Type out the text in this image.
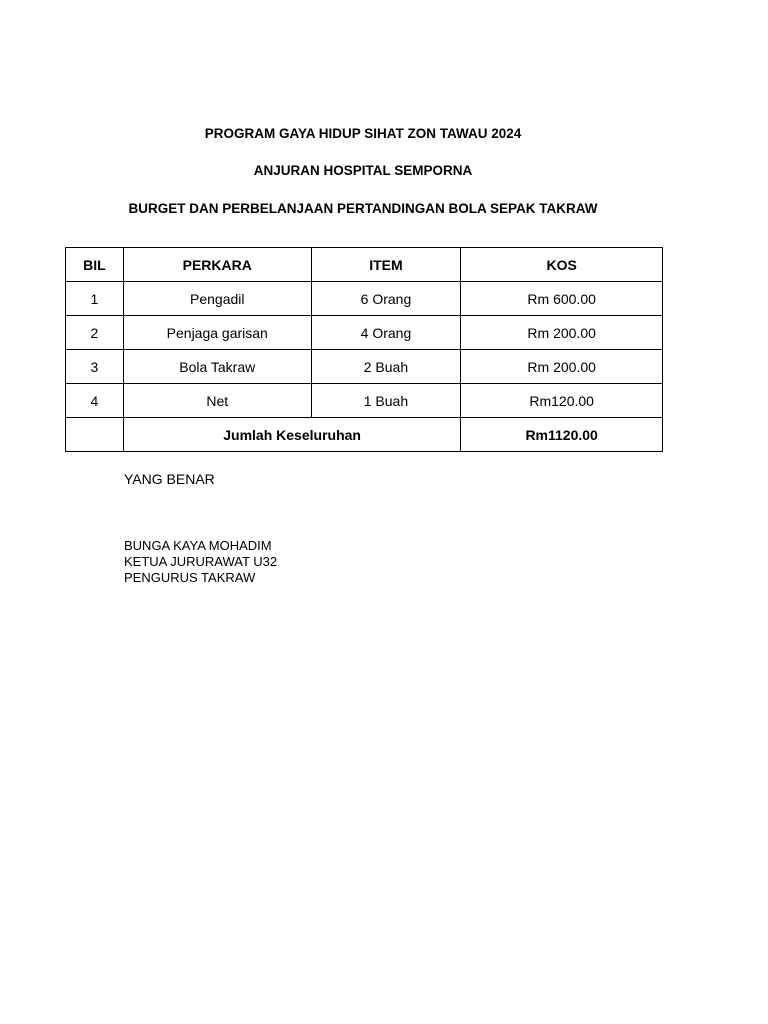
PROGRAM GAYA HIDUP SIHAT ZON TAWAU 2024

ANJURAN HOSPITAL SEMPORNA

BURGET DAN PERBELANJAAN PERTANDINGAN BOLA SEPAK TAKRAW

BIL	PERKARA	ITEM	KOS
1	Pengadil	6 Orang	Rm 600.00
2	Penjaga garisan	4 Orang	Rm 200.00
3	Bola Takraw	2 Buah	Rm 200.00
4	Net	1 Buah	Rm120.00
	Jumlah Keseluruhan		Rm1120.00

YANG BENAR

BUNGA KAYA MOHADIM

KETUA JURURAWAT U32

PENGURUS TAKRAW
